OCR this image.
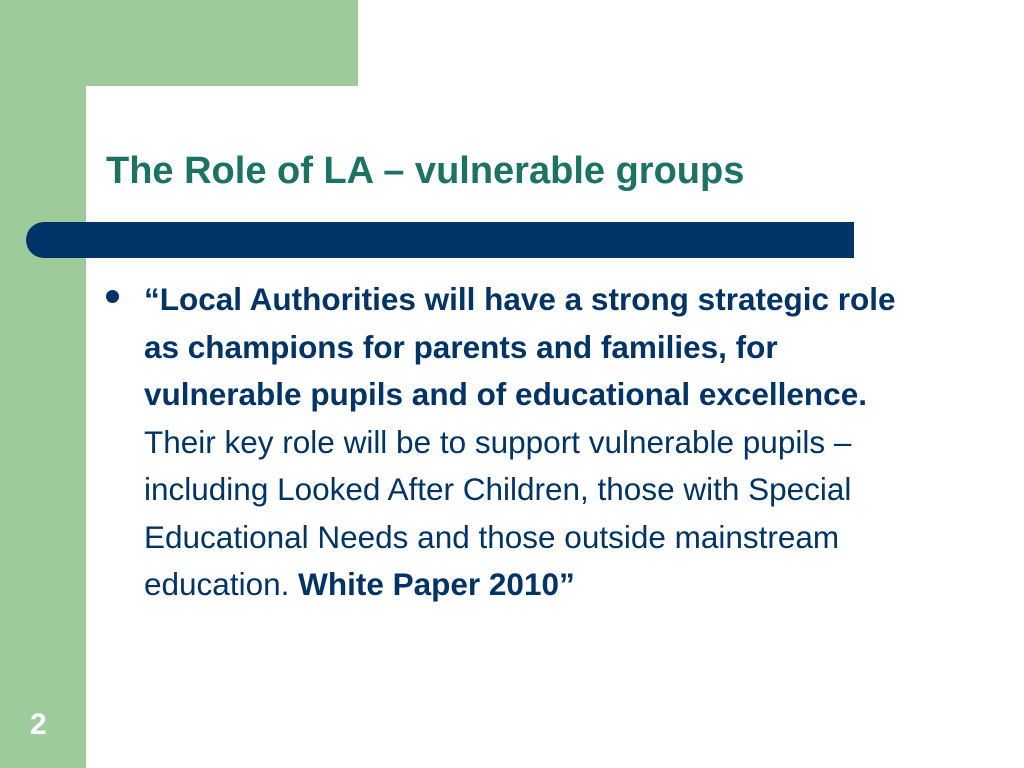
The Role of LA – vulnerable groups

“Local Authorities will have a strong strategic role as champions for parents and families, for vulnerable pupils and of educational excellence. Their key role will be to support vulnerable pupils – including Looked After Children, those with Special Educational Needs and those outside mainstream education. White Paper 2010”

2
